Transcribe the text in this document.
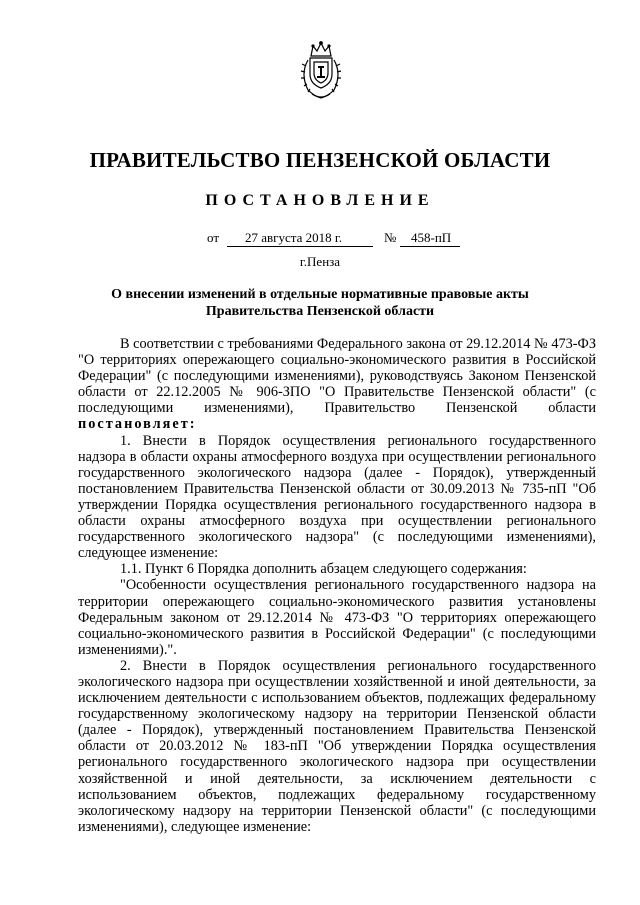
ПРАВИТЕЛЬСТВО ПЕНЗЕНСКОЙ ОБЛАСТИ
ПОСТАНОВЛЕНИЕ
от 27 августа 2018 г.	№ 458-пП
г.Пенза
О внесении изменений в отдельные нормативные правовые акты
Правительства Пензенской области

В соответствии с требованиями Федерального закона от 29.12.2014 № 473-ФЗ "О территориях опережающего социально-экономического развития в Российской Федерации" (с последующими изменениями), руководствуясь Законом Пензенской области от 22.12.2005 № 906-ЗПО "О Правительстве Пензенской области" (с последующими изменениями), Правительство Пензенской области постановляет:

1. Внести в Порядок осуществления регионального государственного надзора в области охраны атмосферного воздуха при осуществлении регионального государственного экологического надзора (далее - Порядок), утвержденный постановлением Правительства Пензенской области от 30.09.2013 № 735-пП "Об утверждении Порядка осуществления регионального государственного надзора в области охраны атмосферного воздуха при осуществлении регионального государственного экологического надзора" (с последующими изменениями), следующее изменение:

1.1. Пункт 6 Порядка дополнить абзацем следующего содержания:

"Особенности осуществления регионального государственного надзора на территории опережающего социально-экономического развития установлены Федеральным законом от 29.12.2014 № 473-ФЗ "О территориях опережающего социально-экономического развития в Российской Федерации" (с последующими изменениями).".

2. Внести в Порядок осуществления регионального государственного экологического надзора при осуществлении хозяйственной и иной деятельности, за исключением деятельности с использованием объектов, подлежащих федеральному государственному экологическому надзору на территории Пензенской области (далее - Порядок), утвержденный постановлением Правительства Пензенской области от 20.03.2012 № 183-пП "Об утверждении Порядка осуществления регионального государственного экологического надзора при осуществлении хозяйственной и иной деятельности, за исключением деятельности с использованием объектов, подлежащих федеральному государственному экологическому надзору на территории Пензенской области" (с последующими изменениями), следующее изменение:
